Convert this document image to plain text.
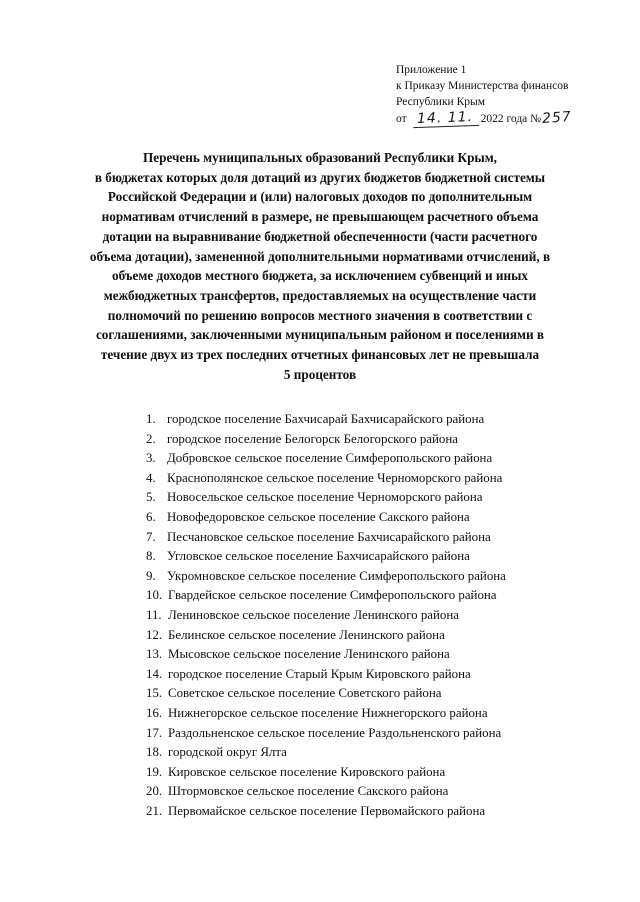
Приложение 1
к Приказу Министерства финансов
Республики Крым
от 14. 11. 2022 года №257
Перечень муниципальных образований Республики Крым,
в бюджетах которых доля дотаций из других бюджетов бюджетной системы
Российской Федерации и (или) налоговых доходов по дополнительным
нормативам отчислений в размере, не превышающем расчетного объема
дотации на выравнивание бюджетной обеспеченности (части расчетного
объема дотации), замененной дополнительными нормативами отчислений, в
объеме доходов местного бюджета, за исключением субвенций и иных
межбюджетных трансфертов, предоставляемых на осуществление части
полномочий по решению вопросов местного значения в соответствии с
соглашениями, заключенными муниципальным районом и поселениями в
течение двух из трех последних отчетных финансовых лет не превышала
5 процентов
1. городское поселение Бахчисарай Бахчисарайского района
2. городское поселение Белогорск Белогорского района
3. Добровское сельское поселение Симферопольского района
4. Краснополянское сельское поселение Черноморского района
5. Новосельское сельское поселение Черноморского района
6. Новофедоровское сельское поселение Сакского района
7. Песчановское сельское поселение Бахчисарайского района
8. Угловское сельское поселение Бахчисарайского района
9. Укромновское сельское поселение Симферопольского района
10. Гвардейское сельское поселение Симферопольского района
11. Лениновское сельское поселение Ленинского района
12. Белинское сельское поселение Ленинского района
13. Мысовское сельское поселение Ленинского района
14. городское поселение Старый Крым Кировского района
15. Советское сельское поселение Советского района
16. Нижнегорское сельское поселение Нижнегорского района
17. Раздольненское сельское поселение Раздольненского района
18. городской округ Ялта
19. Кировское сельское поселение Кировского района
20. Штормовское сельское поселение Сакского района
21. Первомайское сельское поселение Первомайского района
